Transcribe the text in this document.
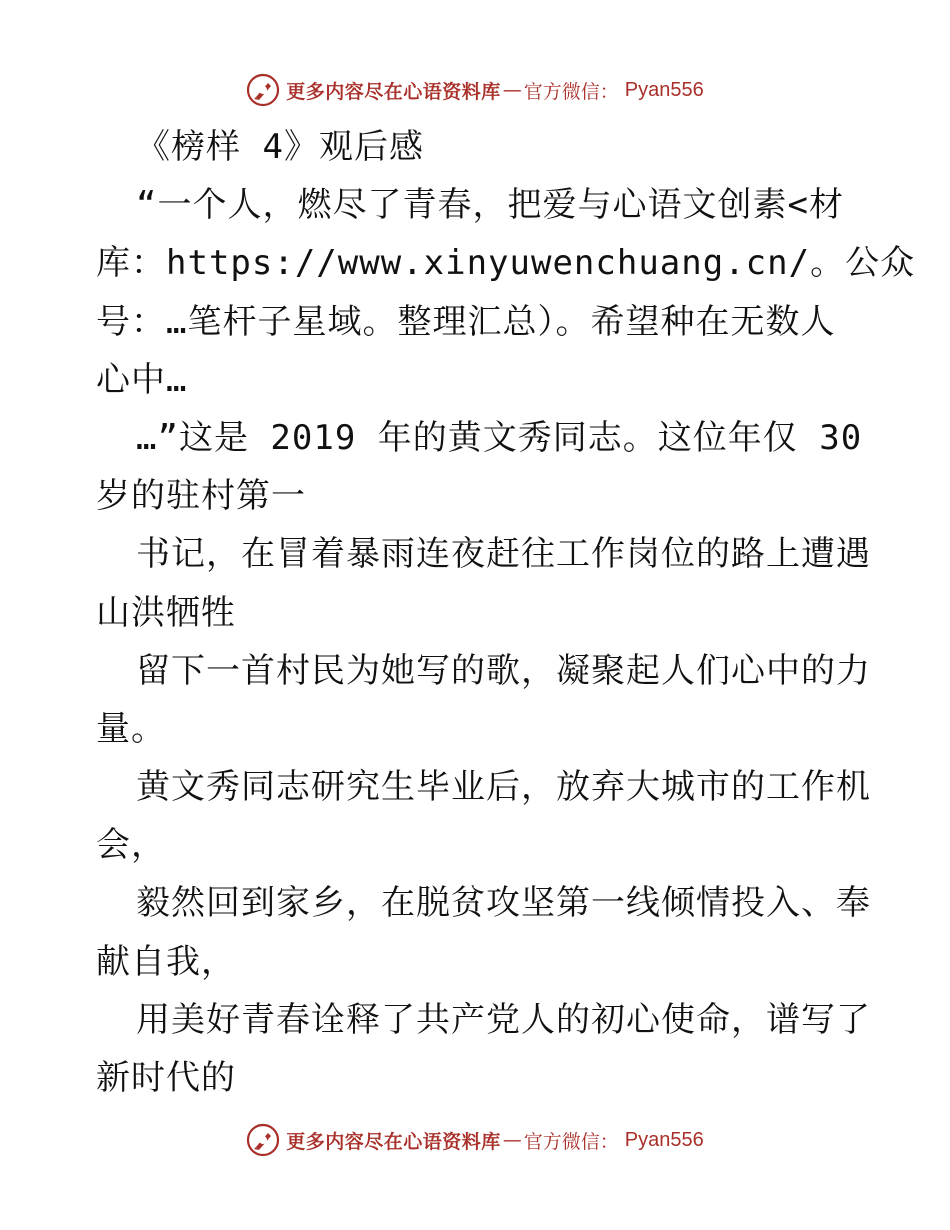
更多内容尽在心语资料库 — 官方微信： Pyan556
《榜样 4》观后感
“一个人，燃尽了青春，把爱与心语文创素<材
库：https://www.xinyuwenchuang.cn/。公众
号：…笔杆子星域。整理汇总）。希望种在无数人
心中…
…”这是 2019 年的黄文秀同志。这位年仅 30
岁的驻村第一
书记，在冒着暴雨连夜赶往工作岗位的路上遭遇
山洪牺牲
留下一首村民为她写的歌，凝聚起人们心中的力
量。
黄文秀同志研究生毕业后，放弃大城市的工作机
会，
毅然回到家乡，在脱贫攻坚第一线倾情投入、奉
献自我，
用美好青春诠释了共产党人的初心使命，谱写了
新时代的
更多内容尽在心语资料库 — 官方微信： Pyan556
